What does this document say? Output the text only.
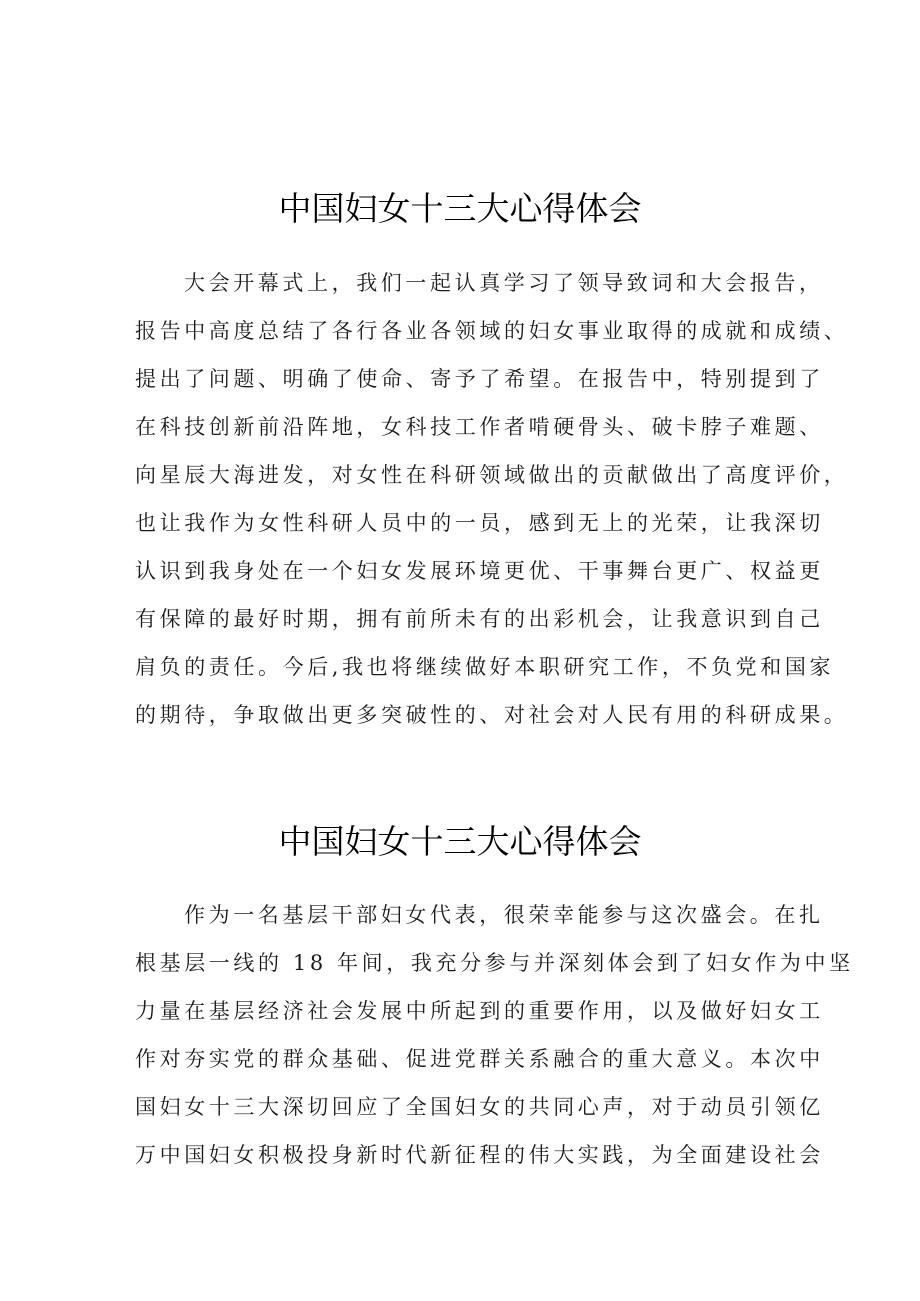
中国妇女十三大心得体会
大会开幕式上，我们一起认真学习了领导致词和大会报告，
报告中高度总结了各行各业各领域的妇女事业取得的成就和成绩、
提出了问题、明确了使命、寄予了希望。在报告中，特别提到了
在科技创新前沿阵地，女科技工作者啃硬骨头、破卡脖子难题、
向星辰大海进发，对女性在科研领域做出的贡献做出了高度评价，
也让我作为女性科研人员中的一员，感到无上的光荣，让我深切
认识到我身处在一个妇女发展环境更优、干事舞台更广、权益更
有保障的最好时期，拥有前所未有的出彩机会，让我意识到自己
肩负的责任。今后,我也将继续做好本职研究工作，不负党和国家
的期待，争取做出更多突破性的、对社会对人民有用的科研成果。
中国妇女十三大心得体会
作为一名基层干部妇女代表，很荣幸能参与这次盛会。在扎
根基层一线的 18 年间，我充分参与并深刻体会到了妇女作为中坚
力量在基层经济社会发展中所起到的重要作用，以及做好妇女工
作对夯实党的群众基础、促进党群关系融合的重大意义。本次中
国妇女十三大深切回应了全国妇女的共同心声，对于动员引领亿
万中国妇女积极投身新时代新征程的伟大实践，为全面建设社会
